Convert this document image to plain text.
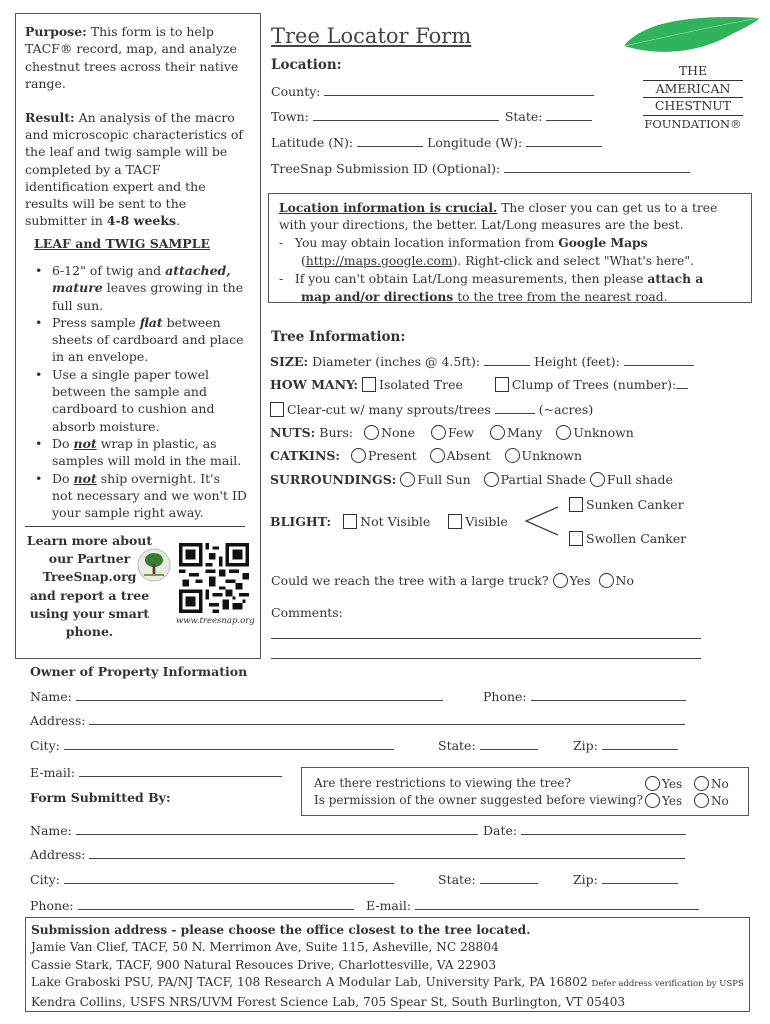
Purpose: This form is to help
TACF® record, map, and analyze
chestnut trees across their native
range.
Result: An analysis of the macro
and microscopic characteristics of
the leaf and twig sample will be
completed by a TACF
identification expert and the
results will be sent to the
submitter in 4-8 weeks.
LEAF and TWIG SAMPLE
• 6-12" of twig and attached,
mature leaves growing in the
full sun.
• Press sample flat between
sheets of cardboard and place
in an envelope.
• Use a single paper towel
between the sample and
cardboard to cushion and
absorb moisture.
• Do not wrap in plastic, as
samples will mold in the mail.
• Do not ship overnight. It's
not necessary and we won't ID
your sample right away.
Learn more about
our Partner
TreeSnap.org
and report a tree
using your smart
phone.
www.treesnap.org
Tree Locator Form
THE
AMERICAN
CHESTNUT
FOUNDATION®
Location:
County:
Town:	State:
Latitude (N):	Longitude (W):
TreeSnap Submission ID (Optional):
Location information is crucial. The closer you can get us to a tree
with your directions, the better. Lat/Long measures are the best.
-   You may obtain location information from Google Maps
(http://maps.google.com). Right-click and select "What's here".
-   If you can't obtain Lat/Long measurements, then please attach a
map and/or directions to the tree from the nearest road.
Tree Information:
SIZE: Diameter (inches @ 4.5ft):	Height (feet):
HOW MANY: Isolated Tree	Clump of Trees (number):
Clear-cut w/ many sprouts/trees	(~acres)
NUTS: Burs: None	Few	Many Unknown
CATKINS: Present Absent Unknown
SURROUNDINGS: Full Sun Partial Shade Full shade
BLIGHT: Not Visible	Visible
Sunken Canker
Swollen Canker
Could we reach the tree with a large truck? Yes No
Comments:
Owner of Property Information
Name:	Phone:
Address:
City:	State:	Zip:
E-mail:
Are there restrictions to viewing the tree?	Yes No
Is permission of the owner suggested before viewing?	Yes No
Form Submitted By:
Name:	Date:
Address:
City:	State:	Zip:
Phone:	E-mail:
Submission address - please choose the office closest to the tree located.
Jamie Van Clief, TACF, 50 N. Merrimon Ave, Suite 115, Asheville, NC 28804
Cassie Stark, TACF, 900 Natural Resouces Drive, Charlottesville, VA 22903
Lake Graboski PSU, PA/NJ TACF, 108 Research A Modular Lab, University Park, PA 16802 Defer address verification by USPS
Kendra Collins, USFS NRS/UVM Forest Science Lab, 705 Spear St, South Burlington, VT 05403
